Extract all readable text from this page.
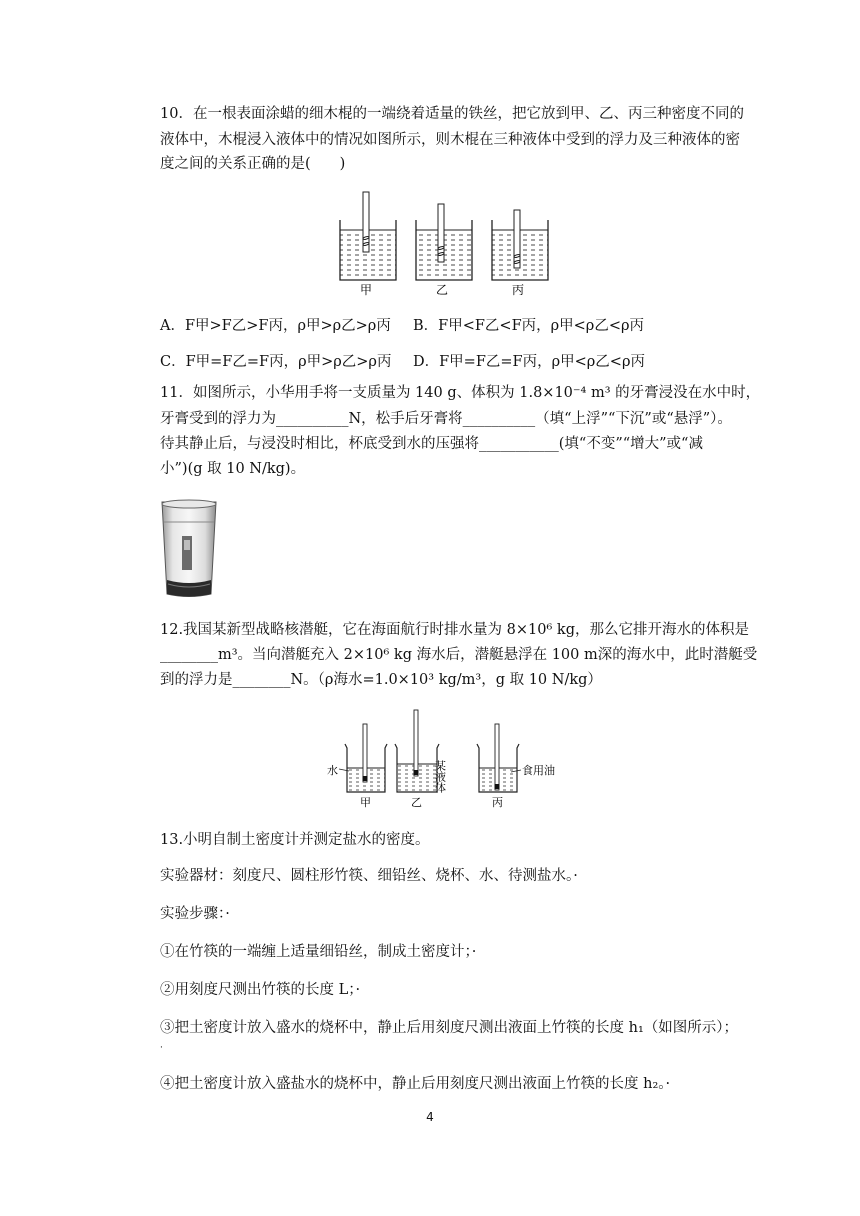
10．在一根表面涂蜡的细木棍的一端绕着适量的铁丝，把它放到甲、乙、丙三种密度不同的
液体中，木棍浸入液体中的情况如图所示，则木棍在三种液体中受到的浮力及三种液体的密
度之间的关系正确的是(　　)
甲	乙	丙
A．F甲>F乙>F丙，ρ甲>ρ乙>ρ丙 B．F甲<F乙<F丙，ρ甲<ρ乙<ρ丙
C．F甲=F乙=F丙，ρ甲>ρ乙>ρ丙 D．F甲=F乙=F丙，ρ甲<ρ乙<ρ丙
11．如图所示，小华用手将一支质量为 140 g、体积为 1.8×10⁻⁴ m³ 的牙膏浸没在水中时，
牙膏受到的浮力为__________N，松手后牙膏将__________（填“上浮”“下沉”或“悬浮”）。
待其静止后，与浸没时相比，杯底受到水的压强将___________(填“不变”“增大”或“减
小”)(g 取 10 N/kg)。
12.我国某新型战略核潜艇，它在海面航行时排水量为 8×10⁶ kg，那么它排开海水的体积是
________m³。当向潜艇充入 2×10⁶ kg 海水后，潜艇悬浮在 100 m深的海水中，此时潜艇受
到的浮力是________N。（ρ海水=1.0×10³ kg/m³，g 取 10 N/kg）
水	某液体	食用油
甲	乙	丙
13.小明自制土密度计并测定盐水的密度。
实验器材：刻度尺、圆柱形竹筷、细铅丝、烧杯、水、待测盐水。·
实验步骤：·
①在竹筷的一端缠上适量细铅丝，制成土密度计；·
②用刻度尺测出竹筷的长度 L；·
③把土密度计放入盛水的烧杯中，静止后用刻度尺测出液面上竹筷的长度 h₁（如图所示）；
·
④把土密度计放入盛盐水的烧杯中，静止后用刻度尺测出液面上竹筷的长度 h₂。·
4
